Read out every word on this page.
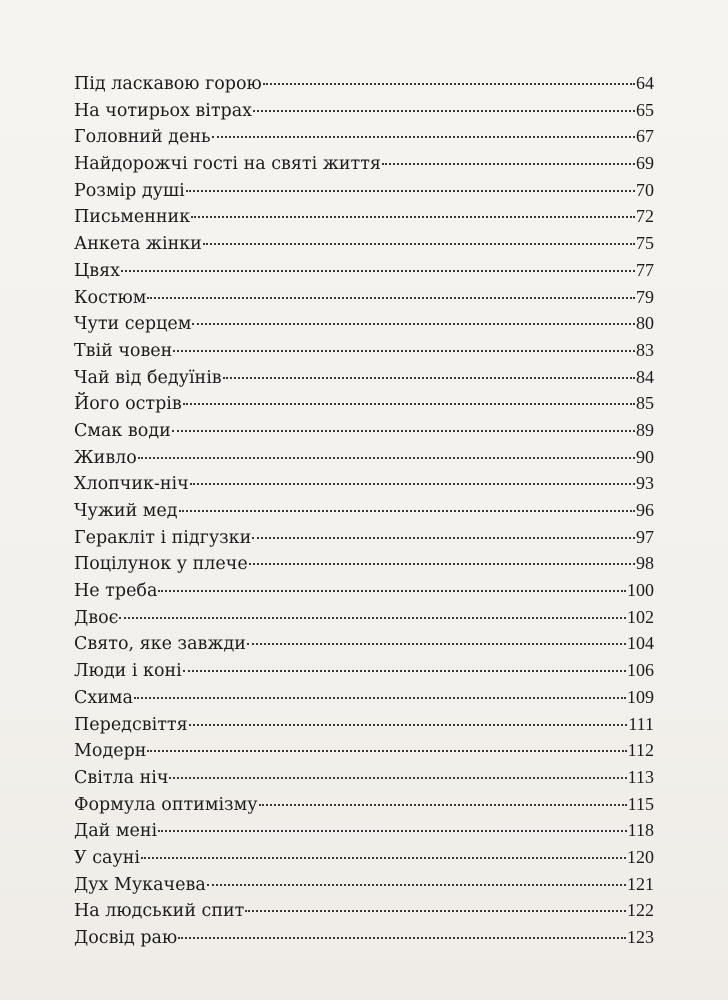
Під ласкавою горою	64
На чотирьох вітрах	65
Головний день	67
Найдорожчі гості на святі життя	69
Розмір душі	70
Письменник	72
Анкета жінки	75
Цвях	77
Костюм	79
Чути серцем	80
Твій човен	83
Чай від бедуїнів	84
Його острів	85
Смак води	89
Живло	90
Хлопчик-ніч	93
Чужий мед	96
Геракліт і підгузки	97
Поцілунок у плече	98
Не треба	100
Двоє	102
Свято, яке завжди	104
Люди і коні	106
Схима	109
Передсвіття	111
Модерн	112
Світла ніч	113
Формула оптимізму	115
Дай мені	118
У сауні	120
Дух Мукачева	121
На людський спит	122
Досвід раю	123
